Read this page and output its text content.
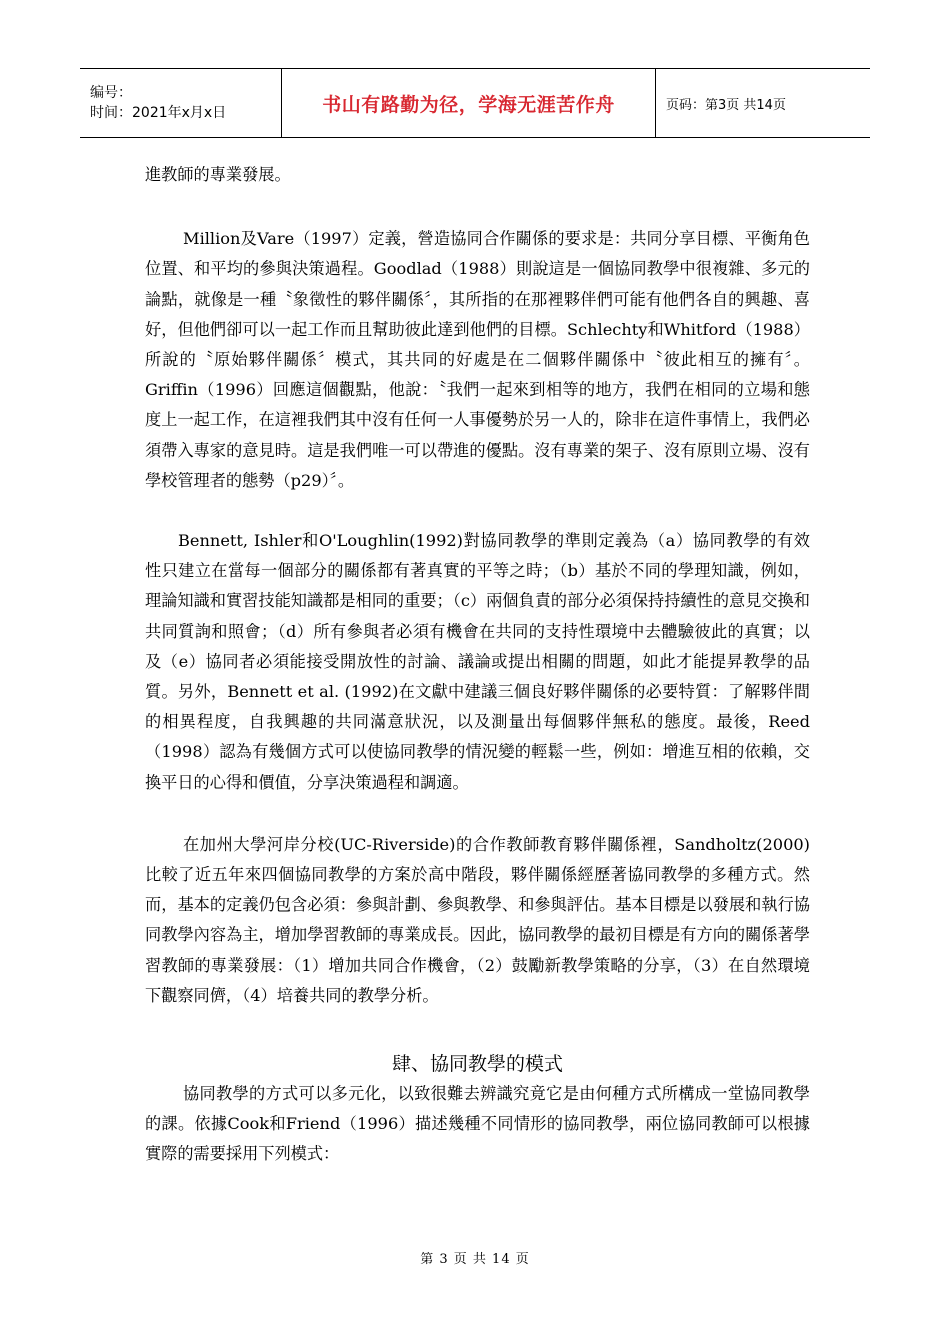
编号：
时间：2021年x月x日	书山有路勤为径，学海无涯苦作舟	页码：第3页 共14页

進教師的專業發展。

Million及Vare（1997）定義，營造協同合作關係的要求是：共同分享目標、平衡角色位置、和平均的參與決策過程。Goodlad（1988）則說這是一個協同教學中很複雜、多元的論點，就像是一種〝象徵性的夥伴關係〞，其所指的在那裡夥伴們可能有他們各自的興趣、喜好，但他們卻可以一起工作而且幫助彼此達到他們的目標。Schlechty和Whitford（1988）所說的〝原始夥伴關係〞模式，其共同的好處是在二個夥伴關係中〝彼此相互的擁有〞。Griffin（1996）回應這個觀點，他說：〝我們一起來到相等的地方，我們在相同的立場和態度上一起工作，在這裡我們其中沒有任何一人事優勢於另一人的，除非在這件事情上，我們必須帶入專家的意見時。這是我們唯一可以帶進的優點。沒有專業的架子、沒有原則立場、沒有學校管理者的態勢（p29）〞。

Bennett, Ishler和O'Loughlin(1992)對協同教學的準則定義為（a）協同教學的有效性只建立在當每一個部分的關係都有著真實的平等之時；（b）基於不同的學理知識，例如，理論知識和實習技能知識都是相同的重要；（c）兩個負責的部分必須保持持續性的意見交換和共同質詢和照會；（d）所有參與者必須有機會在共同的支持性環境中去體驗彼此的真實；以及（e）協同者必須能接受開放性的討論、議論或提出相關的問題，如此才能提昇教學的品質。另外，Bennett et al. (1992)在文獻中建議三個良好夥伴關係的必要特質：了解夥伴間的相異程度，自我興趣的共同滿意狀況，以及測量出每個夥伴無私的態度。最後，Reed（1998）認為有幾個方式可以使協同教學的情況變的輕鬆一些，例如：增進互相的依賴，交換平日的心得和價值，分享決策過程和調適。

在加州大學河岸分校(UC-Riverside)的合作教師教育夥伴關係裡，Sandholtz(2000)比較了近五年來四個協同教學的方案於高中階段，夥伴關係經歷著協同教學的多種方式。然而，基本的定義仍包含必須：參與計劃、參與教學、和參與評估。基本目標是以發展和執行協同教學內容為主，增加學習教師的專業成長。因此，協同教學的最初目標是有方向的關係著學習教師的專業發展：（1）增加共同合作機會，（2）鼓勵新教學策略的分享，（3）在自然環境下觀察同儕，（4）培養共同的教學分析。

肆、協同教學的模式

協同教學的方式可以多元化，以致很難去辨識究竟它是由何種方式所構成一堂協同教學的課。依據Cook和Friend（1996）描述幾種不同情形的協同教學，兩位協同教師可以根據實際的需要採用下列模式：

第 3 页 共 14 页
